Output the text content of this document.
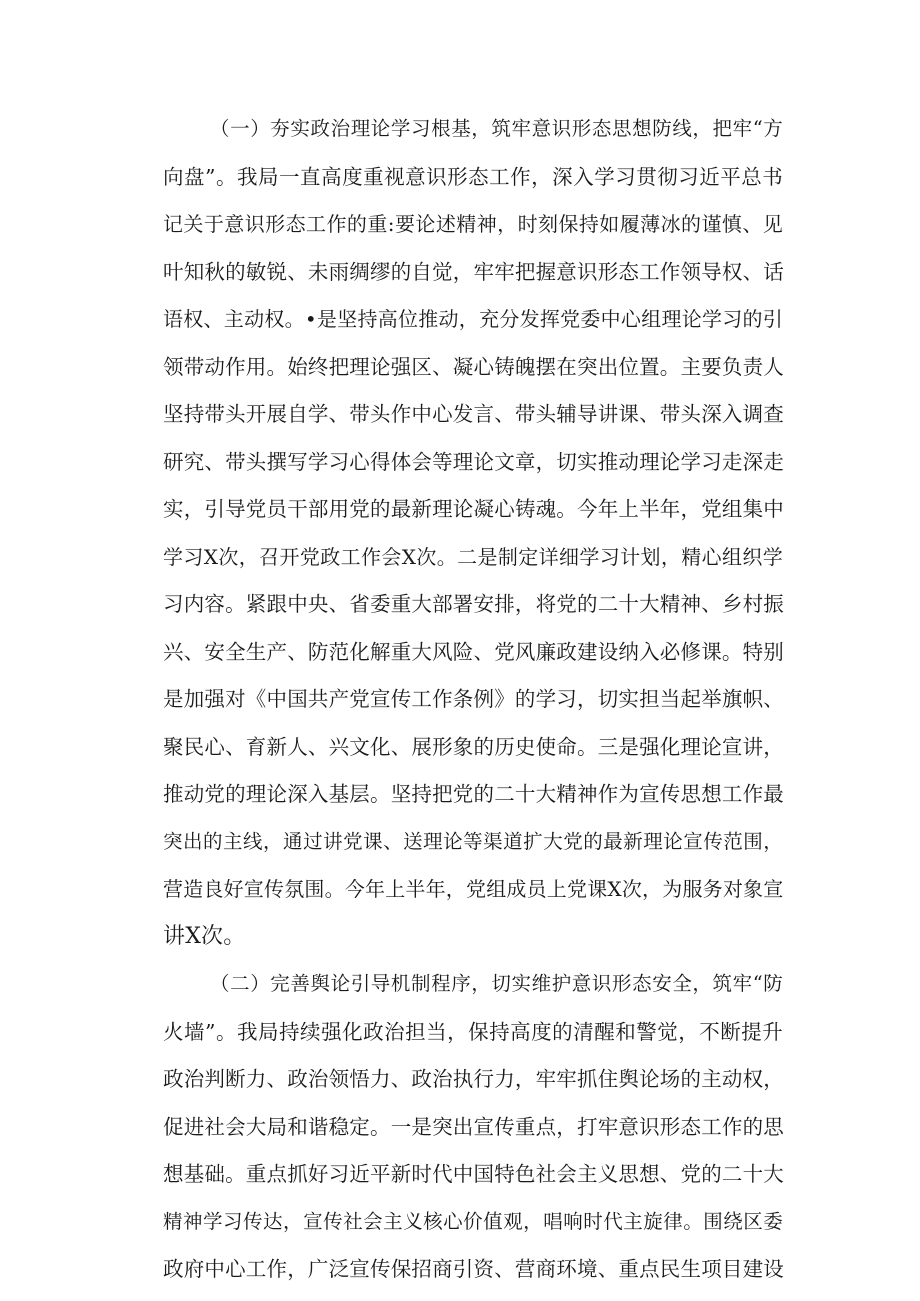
（一）夯实政治理论学习根基，筑牢意识形态思想防线，把牢“方
向盘”。我局一直高度重视意识形态工作，深入学习贯彻习近平总书
记关于意识形态工作的重:要论述精神，时刻保持如履薄冰的谨慎、见
叶知秋的敏锐、未雨绸缪的自觉，牢牢把握意识形态工作领导权、话
语权、主动权。•是坚持高位推动，充分发挥党委中心组理论学习的引
领带动作用。始终把理论强区、凝心铸魄摆在突出位置。主要负责人
坚持带头开展自学、带头作中心发言、带头辅导讲课、带头深入调查
研究、带头撰写学习心得体会等理论文章，切实推动理论学习走深走
实，引导党员干部用党的最新理论凝心铸魂。今年上半年，党组集中
学习X次，召开党政工作会X次。二是制定详细学习计划，精心组织学
习内容。紧跟中央、省委重大部署安排，将党的二十大精神、乡村振
兴、安全生产、防范化解重大风险、党风廉政建设纳入必修课。特别
是加强对《中国共产党宣传工作条例》的学习，切实担当起举旗帜、
聚民心、育新人、兴文化、展形象的历史使命。三是强化理论宣讲，
推动党的理论深入基层。坚持把党的二十大精神作为宣传思想工作最
突出的主线，通过讲党课、送理论等渠道扩大党的最新理论宣传范围，
营造良好宣传氛围。今年上半年，党组成员上党课X次，为服务对象宣
讲X次。
（二）完善舆论引导机制程序，切实维护意识形态安全，筑牢“防
火墙”。我局持续强化政治担当，保持高度的清醒和警觉，不断提升
政治判断力、政治领悟力、政治执行力，牢牢抓住舆论场的主动权，
促进社会大局和谐稳定。一是突出宣传重点，打牢意识形态工作的思
想基础。重点抓好习近平新时代中国特色社会主义思想、党的二十大
精神学习传达，宣传社会主义核心价值观，唱响时代主旋律。围绕区委
政府中心工作，广泛宣传保招商引资、营商环境、重点民生项目建设
